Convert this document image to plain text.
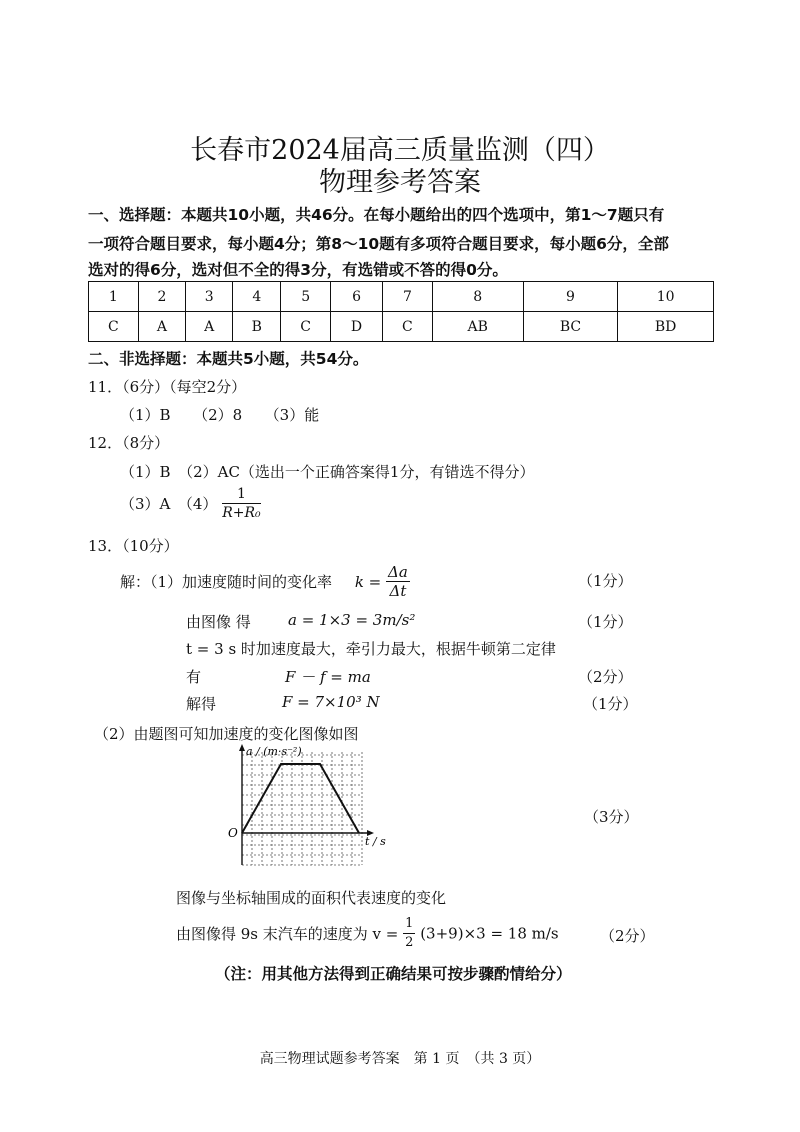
长春市2024届高三质量监测（四）
物理参考答案
一、选择题：本题共10小题，共46分。在每小题给出的四个选项中，第1～7题只有
一项符合题目要求，每小题4分；第8～10题有多项符合题目要求，每小题6分，全部
选对的得6分，选对但不全的得3分，有选错或不答的得0分。
1	2	3	4	5	6	7	8	9	10
C	A	A	B	C	D	C	AB	BC	BD
二、非选择题：本题共5小题，共54分。
11．（6分）（每空2分）
（1）B　　（2）8　　（3）能
12．（8分）
（1）B　（2）AC（选出一个正确答案得1分，有错选不得分）
（3）A　$(4) \frac{1}{\text{R+R₀}}$
13．（10分）
解：（1）加速度随时间的变化率 $k = \frac{\Delta a}{\Delta t}$	（1分）
由图像 得 a = 1×3 = 3m/s²	（1分）
t = 3 s 时加速度最大，牵引力最大，根据牛顿第二定律
有	F － f = ma	（2分）
解得	F = 7×10³ N	（1分）
（2）由题图可知加速度的变化图像如图
a / (m·s⁻²)
t / s
O
（3分）
图像与坐标轴围成的面积代表速度的变化
由图像得 9s 末汽车的速度为 $v = \frac{1}{2} (3+9)\times 3 = 18$ m/s	（2分）
（注：用其他方法得到正确结果可按步骤酌情给分）
高三物理试题参考答案　第 1 页　（共 3 页）
